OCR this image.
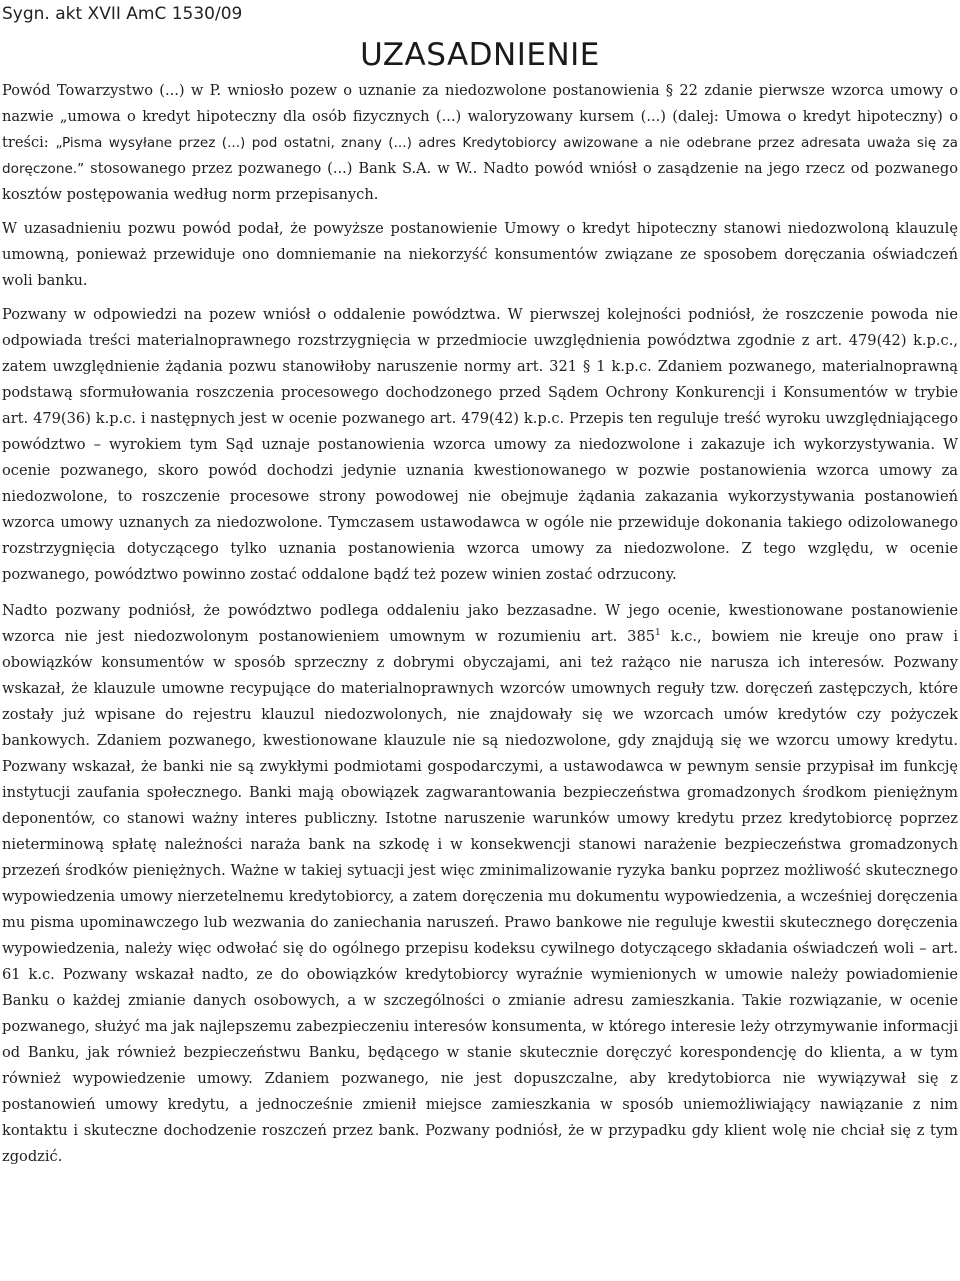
Sygn. akt XVII AmC 1530/09

UZASADNIENIE

Powód Towarzystwo (...) w P. wniosło pozew o uznanie za niedozwolone postanowienia § 22 zdanie pierwsze wzorca umowy o nazwie „umowa o kredyt hipoteczny dla osób fizycznych (...) waloryzowany kursem (...) (dalej: Umowa o kredyt hipoteczny) o treści: „Pisma wysyłane przez (...) pod ostatni, znany (...) adres Kredytobiorcy awizowane a nie odebrane przez adresata uważa się za doręczone.” stosowanego przez pozwanego (...) Bank S.A. w W.. Nadto powód wniósł o zasądzenie na jego rzecz od pozwanego kosztów postępowania według norm przepisanych.

W uzasadnieniu pozwu powód podał, że powyższe postanowienie Umowy o kredyt hipoteczny stanowi niedozwoloną klauzulę umowną, ponieważ przewiduje ono domniemanie na niekorzyść konsumentów związane ze sposobem doręczania oświadczeń woli banku.

Pozwany w odpowiedzi na pozew wniósł o oddalenie powództwa. W pierwszej kolejności podniósł, że roszczenie powoda nie odpowiada treści materialnoprawnego rozstrzygnięcia w przedmiocie uwzględnienia powództwa zgodnie z art. 479(42) k.p.c., zatem uwzględnienie żądania pozwu stanowiłoby naruszenie normy art. 321 § 1 k.p.c. Zdaniem pozwanego, materialnoprawną podstawą sformułowania roszczenia procesowego dochodzonego przed Sądem Ochrony Konkurencji i Konsumentów w trybie art. 479(36) k.p.c. i następnych jest w ocenie pozwanego art. 479(42) k.p.c. Przepis ten reguluje treść wyroku uwzględniającego powództwo – wyrokiem tym Sąd uznaje postanowienia wzorca umowy za niedozwolone i zakazuje ich wykorzystywania. W ocenie pozwanego, skoro powód dochodzi jedynie uznania kwestionowanego w pozwie postanowienia wzorca umowy za niedozwolone, to roszczenie procesowe strony powodowej nie obejmuje żądania zakazania wykorzystywania postanowień wzorca umowy uznanych za niedozwolone. Tymczasem ustawodawca w ogóle nie przewiduje dokonania takiego odizolowanego rozstrzygnięcia dotyczącego tylko uznania postanowienia wzorca umowy za niedozwolone. Z tego względu, w ocenie pozwanego, powództwo powinno zostać oddalone bądź też pozew winien zostać odrzucony.

Nadto pozwany podniósł, że powództwo podlega oddaleniu jako bezzasadne. W jego ocenie, kwestionowane postanowienie wzorca nie jest niedozwolonym postanowieniem umownym w rozumieniu art. $385^1$ k.c., bowiem nie kreuje ono praw i obowiązków konsumentów w sposób sprzeczny z dobrymi obyczajami, ani też rażąco nie narusza ich interesów. Pozwany wskazał, że klauzule umowne recypujące do materialnoprawnych wzorców umownych reguły tzw. doręczeń zastępczych, które zostały już wpisane do rejestru klauzul niedozwolonych, nie znajdowały się we wzorcach umów kredytów czy pożyczek bankowych. Zdaniem pozwanego, kwestionowane klauzule nie są niedozwolone, gdy znajdują się we wzorcu umowy kredytu. Pozwany wskazał, że banki nie są zwykłymi podmiotami gospodarczymi, a ustawodawca w pewnym sensie przypisał im funkcję instytucji zaufania społecznego. Banki mają obowiązek zagwarantowania bezpieczeństwa gromadzonych środkom pieniężnym deponentów, co stanowi ważny interes publiczny. Istotne naruszenie warunków umowy kredytu przez kredytobiorcę poprzez nieterminową spłatę należności naraża bank na szkodę i w konsekwencji stanowi narażenie bezpieczeństwa gromadzonych przezeń środków pieniężnych. Ważne w takiej sytuacji jest więc zminimalizowanie ryzyka banku poprzez możliwość skutecznego wypowiedzenia umowy nierzetelnemu kredytobiorcy, a zatem doręczenia mu dokumentu wypowiedzenia, a wcześniej doręczenia mu pisma upominawczego lub wezwania do zaniechania naruszeń. Prawo bankowe nie reguluje kwestii skutecznego doręczenia wypowiedzenia, należy więc odwołać się do ogólnego przepisu kodeksu cywilnego dotyczącego składania oświadczeń woli – art. 61 k.c. Pozwany wskazał nadto, ze do obowiązków kredytobiorcy wyraźnie wymienionych w umowie należy powiadomienie Banku o każdej zmianie danych osobowych, a w szczególności o zmianie adresu zamieszkania. Takie rozwiązanie, w ocenie pozwanego, służyć ma jak najlepszemu zabezpieczeniu interesów konsumenta, w którego interesie leży otrzymywanie informacji od Banku, jak również bezpieczeństwu Banku, będącego w stanie skutecznie doręczyć korespondencję do klienta, a w tym również wypowiedzenie umowy. Zdaniem pozwanego, nie jest dopuszczalne, aby kredytobiorca nie wywiązywał się z postanowień umowy kredytu, a jednocześnie zmienił miejsce zamieszkania w sposób uniemożliwiający nawiązanie z nim kontaktu i skuteczne dochodzenie roszczeń przez bank. Pozwany podniósł, że w przypadku gdy klient wolę nie chciał się z tym zgodzić.
